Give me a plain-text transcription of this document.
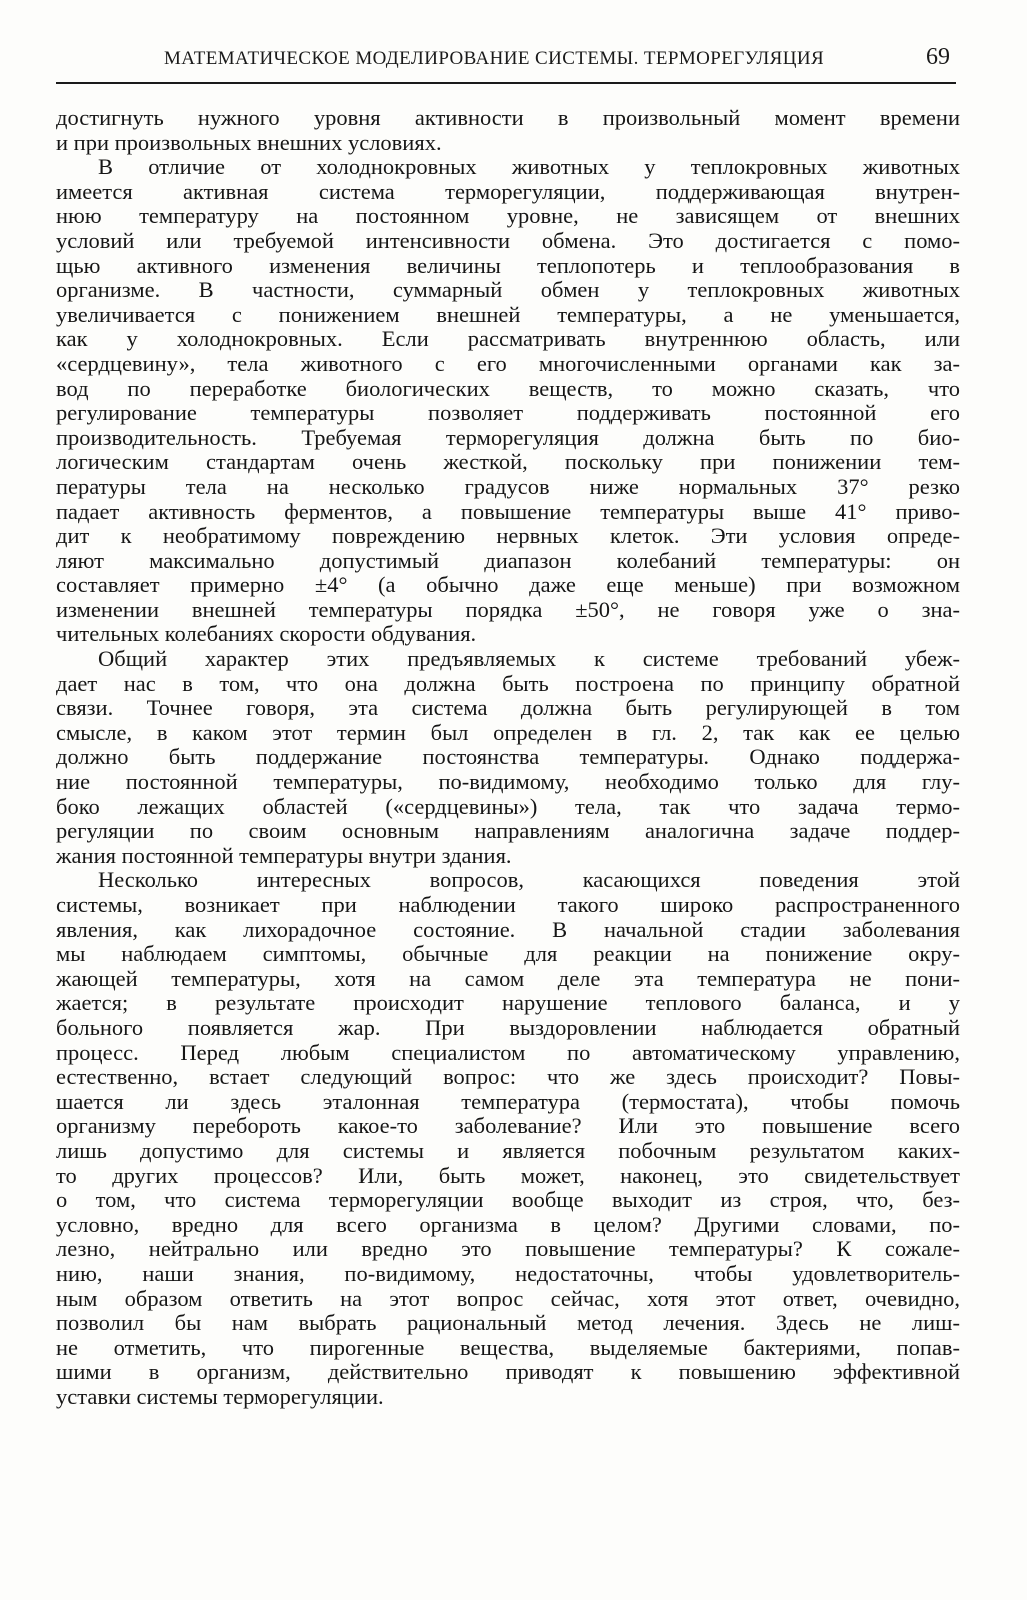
МАТЕМАТИЧЕСКОЕ МОДЕЛИРОВАНИЕ СИСТЕМЫ. ТЕРМОРЕГУЛЯЦИЯ	69
достигнуть нужного уровня активности в произвольный момент времени
и при произвольных внешних условиях.
В отличие от холоднокровных животных у теплокровных животных
имеется активная система терморегуляции, поддерживающая внутрен-
нюю температуру на постоянном уровне, не зависящем от внешних
условий или требуемой интенсивности обмена. Это достигается с помо-
щью активного изменения величины теплопотерь и теплообразования в
организме. В частности, суммарный обмен у теплокровных животных
увеличивается с понижением внешней температуры, а не уменьшается,
как у холоднокровных. Если рассматривать внутреннюю область, или
«сердцевину», тела животного с его многочисленными органами как за-
вод по переработке биологических веществ, то можно сказать, что
регулирование температуры позволяет поддерживать постоянной его
производительность. Требуемая терморегуляция должна быть по био-
логическим стандартам очень жесткой, поскольку при понижении тем-
пературы тела на несколько градусов ниже нормальных 37° резко
падает активность ферментов, а повышение температуры выше 41° приво-
дит к необратимому повреждению нервных клеток. Эти условия опреде-
ляют максимально допустимый диапазон колебаний температуры: он
составляет примерно ±4° (а обычно даже еще меньше) при возможном
изменении внешней температуры порядка ±50°, не говоря уже о зна-
чительных колебаниях скорости обдувания.
Общий характер этих предъявляемых к системе требований убеж-
дает нас в том, что она должна быть построена по принципу обратной
связи. Точнее говоря, эта система должна быть регулирующей в том
смысле, в каком этот термин был определен в гл. 2, так как ее целью
должно быть поддержание постоянства температуры. Однако поддержа-
ние постоянной температуры, по-видимому, необходимо только для глу-
боко лежащих областей («сердцевины») тела, так что задача термо-
регуляции по своим основным направлениям аналогична задаче поддер-
жания постоянной температуры внутри здания.
Несколько интересных вопросов, касающихся поведения этой
системы, возникает при наблюдении такого широко распространенного
явления, как лихорадочное состояние. В начальной стадии заболевания
мы наблюдаем симптомы, обычные для реакции на понижение окру-
жающей температуры, хотя на самом деле эта температура не пони-
жается; в результате происходит нарушение теплового баланса, и у
больного появляется жар. При выздоровлении наблюдается обратный
процесс. Перед любым специалистом по автоматическому управлению,
естественно, встает следующий вопрос: что же здесь происходит? Повы-
шается ли здесь эталонная температура (термостата), чтобы помочь
организму перебороть какое-то заболевание? Или это повышение всего
лишь допустимо для системы и является побочным результатом каких-
то других процессов? Или, быть может, наконец, это свидетельствует
о том, что система терморегуляции вообще выходит из строя, что, без-
условно, вредно для всего организма в целом? Другими словами, по-
лезно, нейтрально или вредно это повышение температуры? К сожале-
нию, наши знания, по-видимому, недостаточны, чтобы удовлетворитель-
ным образом ответить на этот вопрос сейчас, хотя этот ответ, очевидно,
позволил бы нам выбрать рациональный метод лечения. Здесь не лиш-
не отметить, что пирогенные вещества, выделяемые бактериями, попав-
шими в организм, действительно приводят к повышению эффективной
уставки системы терморегуляции.
